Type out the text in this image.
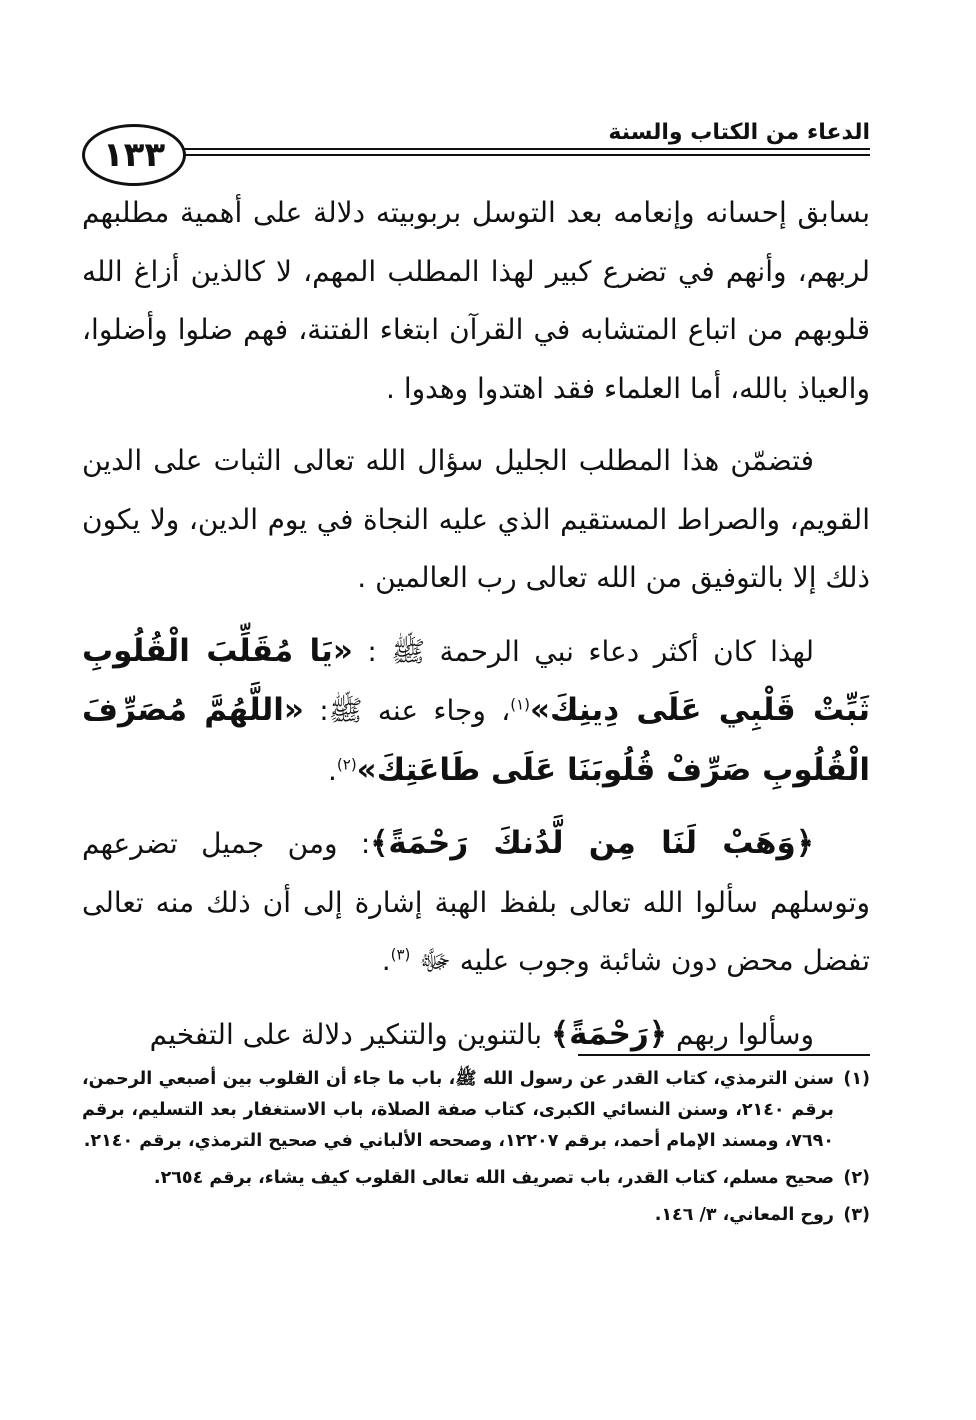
١٣٣
الدعاء من الكتاب والسنة

بسابق إحسانه وإنعامه بعد التوسل بربوبيته دلالة على أهمية مطلبهم لربهم، وأنهم في تضرع كبير لهذا المطلب المهم، لا كالذين أزاغ الله قلوبهم من اتباع المتشابه في القرآن ابتغاء الفتنة، فهم ضلوا وأضلوا، والعياذ بالله، أما العلماء فقد اهتدوا وهدوا .

فتضمّن هذا المطلب الجليل سؤال الله تعالى الثبات على الدين القويم، والصراط المستقيم الذي عليه النجاة في يوم الدين، ولا يكون ذلك إلا بالتوفيق من الله تعالى رب العالمين .

لهذا كان أكثر دعاء نبي الرحمة ﷺ : «يَا مُقَلِّبَ الْقُلُوبِ ثَبِّتْ قَلْبِي عَلَى دِينِكَ»$^{(١)}$، وجاء عنه ﷺ: «اللَّهُمَّ مُصَرِّفَ الْقُلُوبِ صَرِّفْ قُلُوبَنَا عَلَى طَاعَتِكَ»$^{(٢)}$.

﴿وَهَبْ لَنَا مِن لَّدُنكَ رَحْمَةً﴾: ومن جميل تضرعهم وتوسلهم سألوا الله تعالى بلفظ الهبة إشارة إلى أن ذلك منه تعالى تفضل محض دون شائبة وجوب عليه ﷻ $^{(٣)}$.

وسألوا ربهم ﴿رَحْمَةً﴾ بالتنوين والتنكير دلالة على التفخيم

(١)
سنن الترمذي، كتاب القدر عن رسول الله ﷺ، باب ما جاء أن القلوب بين أصبعي الرحمن، برقم ٢١٤٠، وسنن النسائي الكبرى، كتاب صفة الصلاة، باب الاستغفار بعد التسليم، برقم ٧٦٩٠، ومسند الإمام أحمد، برقم ١٢٢٠٧، وصححه الألباني في صحيح الترمذي، برقم ٢١٤٠.
(٢)
صحيح مسلم، كتاب القدر، باب تصريف الله تعالى القلوب كيف يشاء، برقم ٢٦٥٤.
(٣)
روح المعاني، ٣/ ١٤٦.
